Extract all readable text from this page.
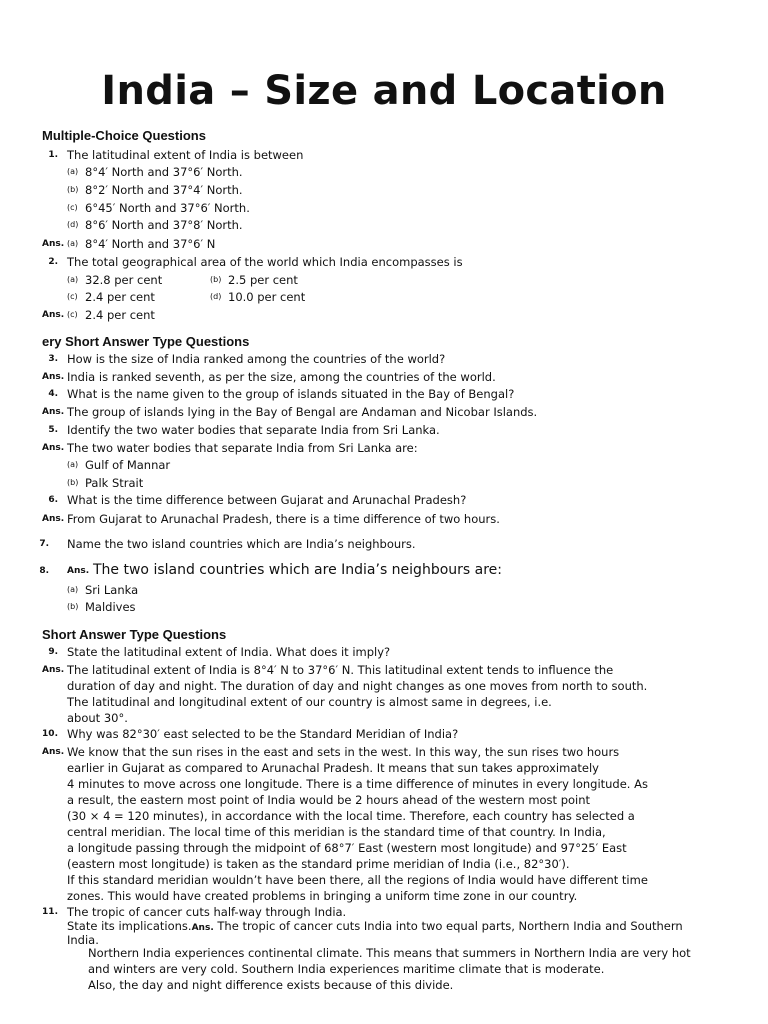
India – Size and Location
Multiple-Choice Questions
1. The latitudinal extent of India is between
(a) 8°4′ North and 37°6′ North.
(b) 8°2′ North and 37°4′ North.
(c) 6°45′ North and 37°6′ North.
(d) 8°6′ North and 37°8′ North.
Ans. (a) 8°4′ North and 37°6′ N
2. The total geographical area of the world which India encompasses is
(a) 32.8 per cent	(b) 2.5 per cent
(c) 2.4 per cent	(d) 10.0 per cent
Ans. (c) 2.4 per cent
ery Short Answer Type Questions
3. How is the size of India ranked among the countries of the world?
Ans. India is ranked seventh, as per the size, among the countries of the world.
4. What is the name given to the group of islands situated in the Bay of Bengal?
Ans. The group of islands lying in the Bay of Bengal are Andaman and Nicobar Islands.
5. Identify the two water bodies that separate India from Sri Lanka.
Ans. The two water bodies that separate India from Sri Lanka are:
(a) Gulf of Mannar
(b) Palk Strait
6. What is the time difference between Gujarat and Arunachal Pradesh?
Ans. From Gujarat to Arunachal Pradesh, there is a time difference of two hours.
7. Name the two island countries which are India’s neighbours.
8. Ans. The two island countries which are India’s neighbours are:
(a) Sri Lanka
(b) Maldives
Short Answer Type Questions
9. State the latitudinal extent of India. What does it imply?
Ans. The latitudinal extent of India is 8°4′ N to 37°6′ N. This latitudinal extent tends to influence the
duration of day and night. The duration of day and night changes as one moves from north to south.
The latitudinal and longitudinal extent of our country is almost same in degrees, i.e.
about 30°.
10. Why was 82°30′ east selected to be the Standard Meridian of India?
Ans. We know that the sun rises in the east and sets in the west. In this way, the sun rises two hours
earlier in Gujarat as compared to Arunachal Pradesh. It means that sun takes approximately
4 minutes to move across one longitude. There is a time difference of minutes in every longitude. As
a result, the eastern most point of India would be 2 hours ahead of the western most point
(30 × 4 = 120 minutes), in accordance with the local time. Therefore, each country has selected a
central meridian. The local time of this meridian is the standard time of that country. In India,
a longitude passing through the midpoint of 68°7′ East (western most longitude) and 97°25′ East
(eastern most longitude) is taken as the standard prime meridian of India (i.e., 82°30′).
If this standard meridian wouldn’t have been there, all the regions of India would have different time
zones. This would have created problems in bringing a uniform time zone in our country.
11. The tropic of cancer cuts half-way through India.
State its implications.Ans. The tropic of cancer cuts India into two equal parts, Northern India and Southern
India.
Northern India experiences continental climate. This means that summers in Northern India are very hot
and winters are very cold. Southern India experiences maritime climate that is moderate.
Also, the day and night difference exists because of this divide.
